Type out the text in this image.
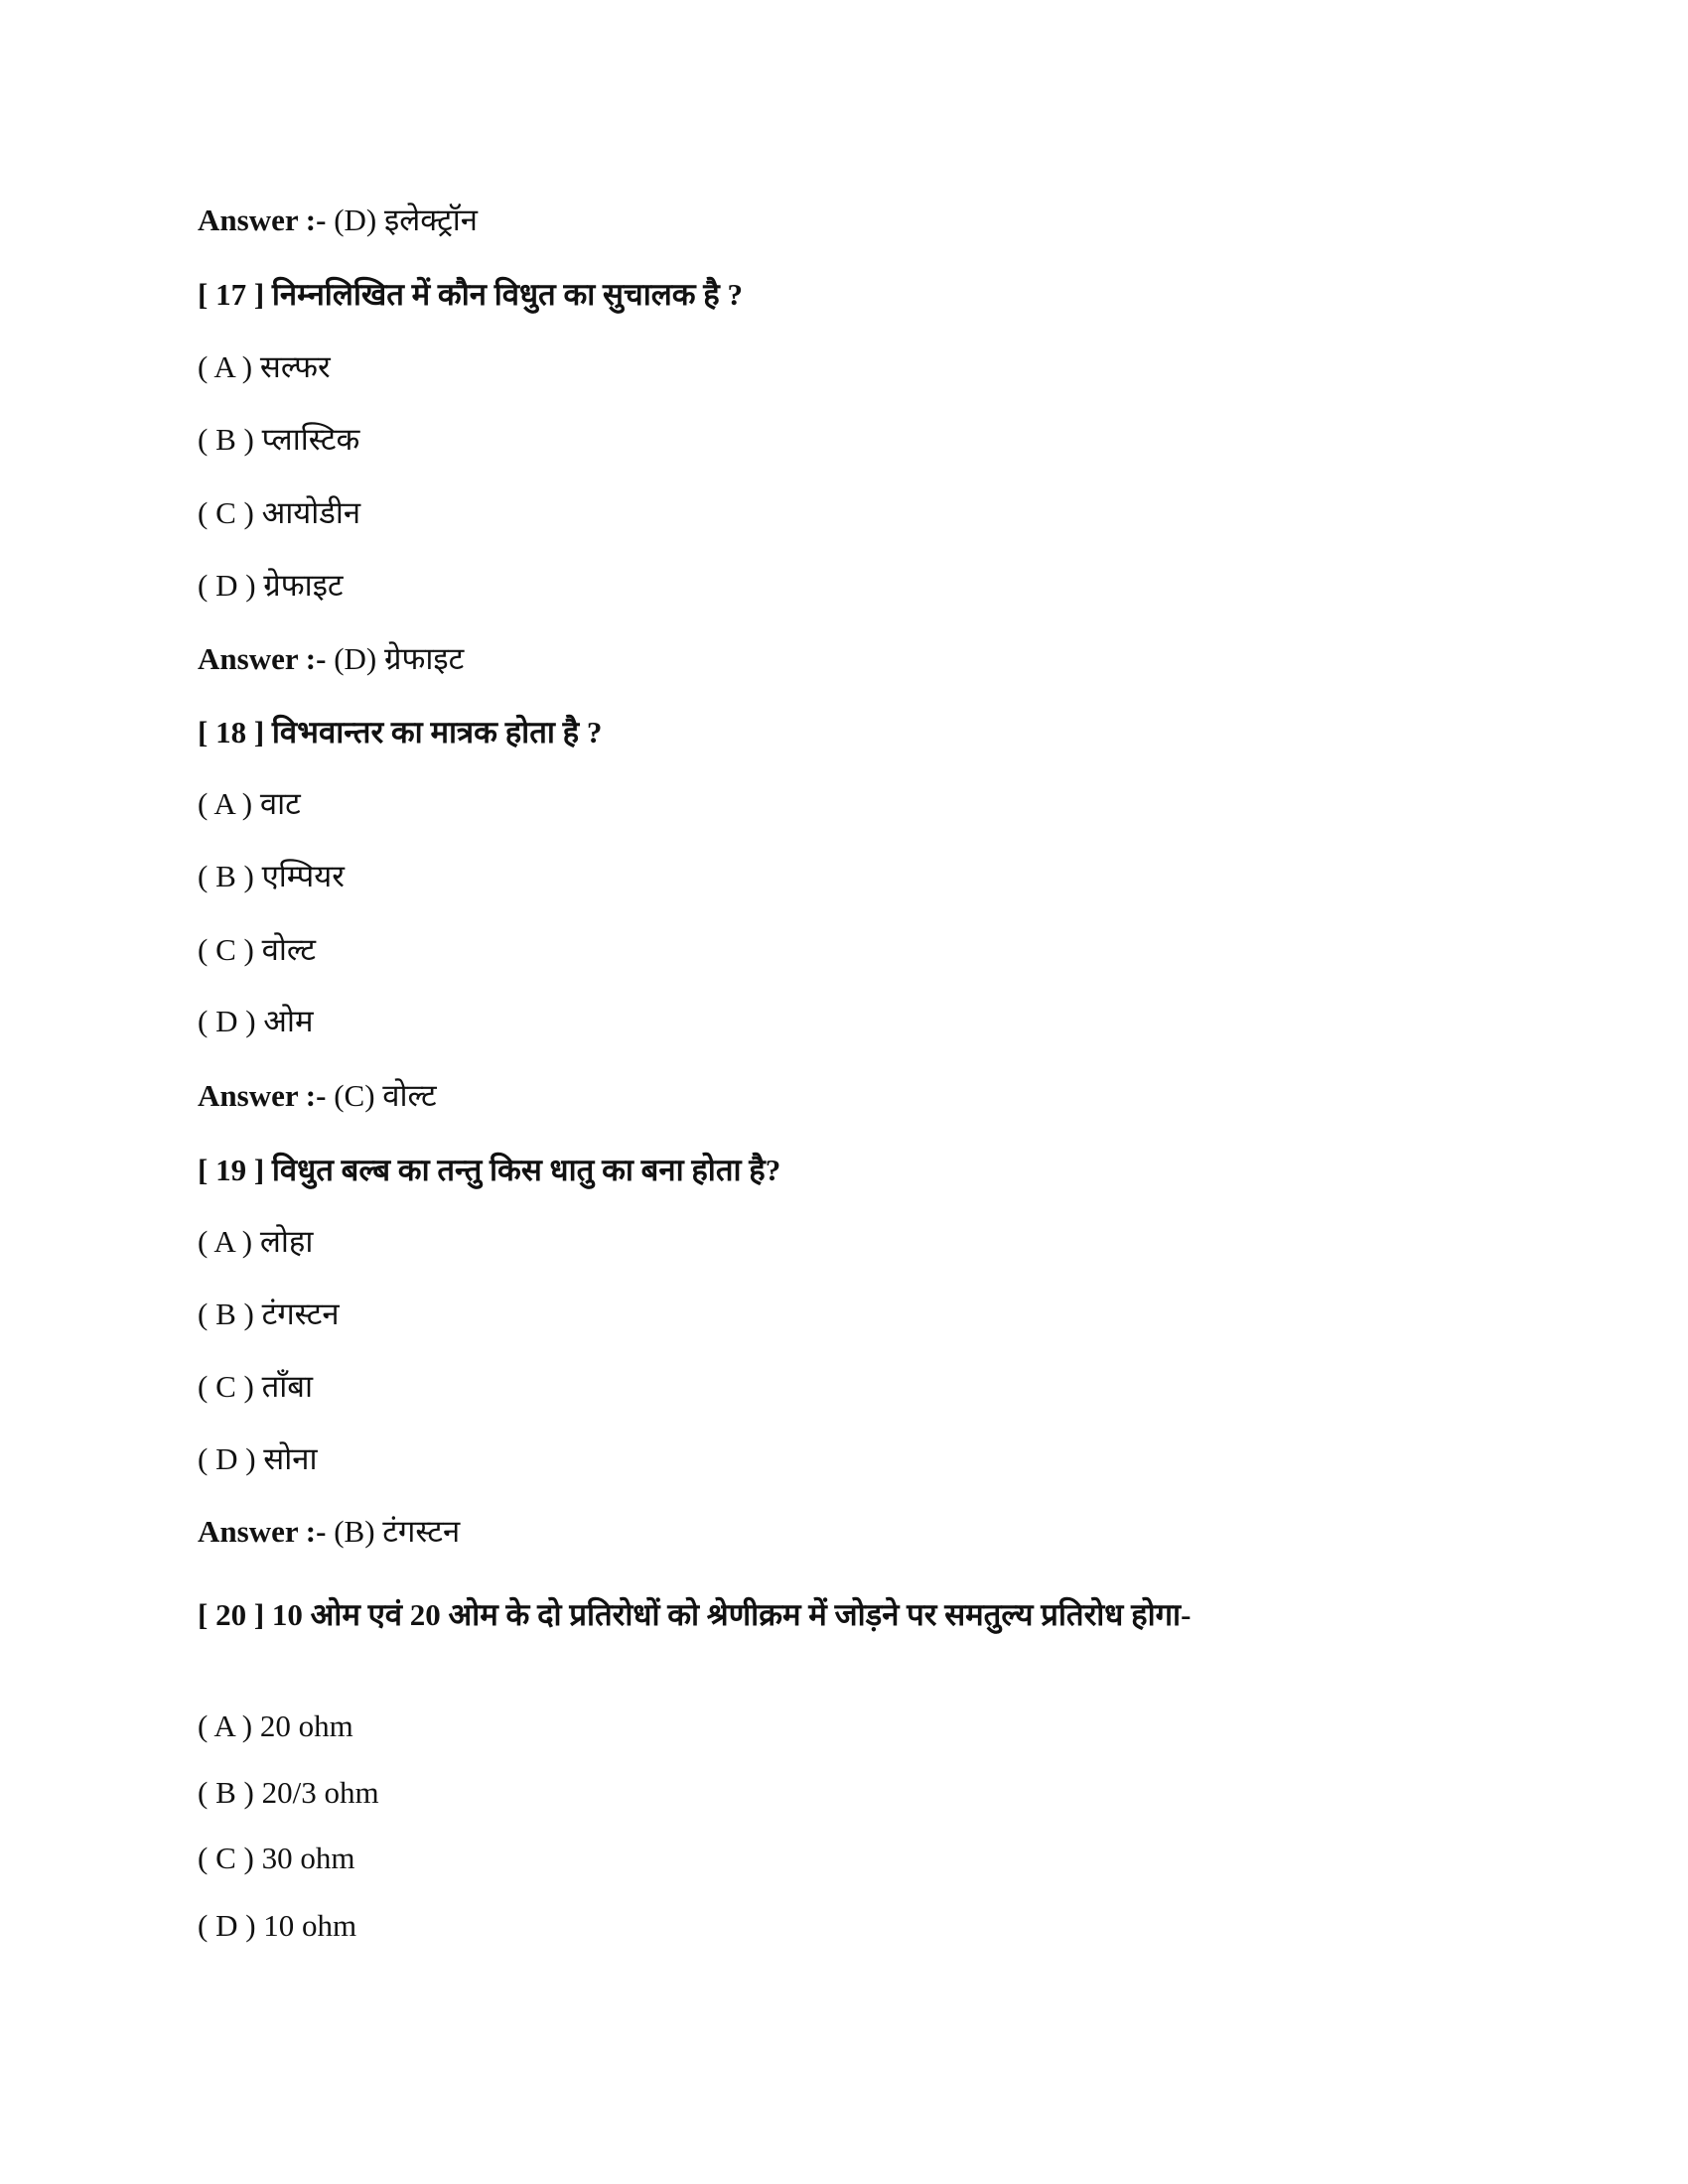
Answer :- (D) इलेक्ट्रॉन
[ 17 ] निम्नलिखित में कौन विधुत का सुचालक है ?
( A ) सल्फर
( B ) प्लास्टिक
( C ) आयोडीन
( D ) ग्रेफाइट
Answer :- (D) ग्रेफाइट
[ 18 ] विभवान्तर का मात्रक होता है ?
( A ) वाट
( B ) एम्पियर
( C ) वोल्ट
( D ) ओम
Answer :- (C) वोल्ट
[ 19 ] विधुत बल्ब का तन्तु किस धातु का बना होता है?
( A ) लोहा
( B ) टंगस्टन
( C ) ताँबा
( D ) सोना
Answer :- (B) टंगस्टन
[ 20 ] 10 ओम एवं 20 ओम के दो प्रतिरोधों को श्रेणीक्रम में जोड़ने पर समतुल्य प्रतिरोध होगा-
( A ) 20 ohm
( B ) 20/3 ohm
( C ) 30 ohm
( D ) 10 ohm
